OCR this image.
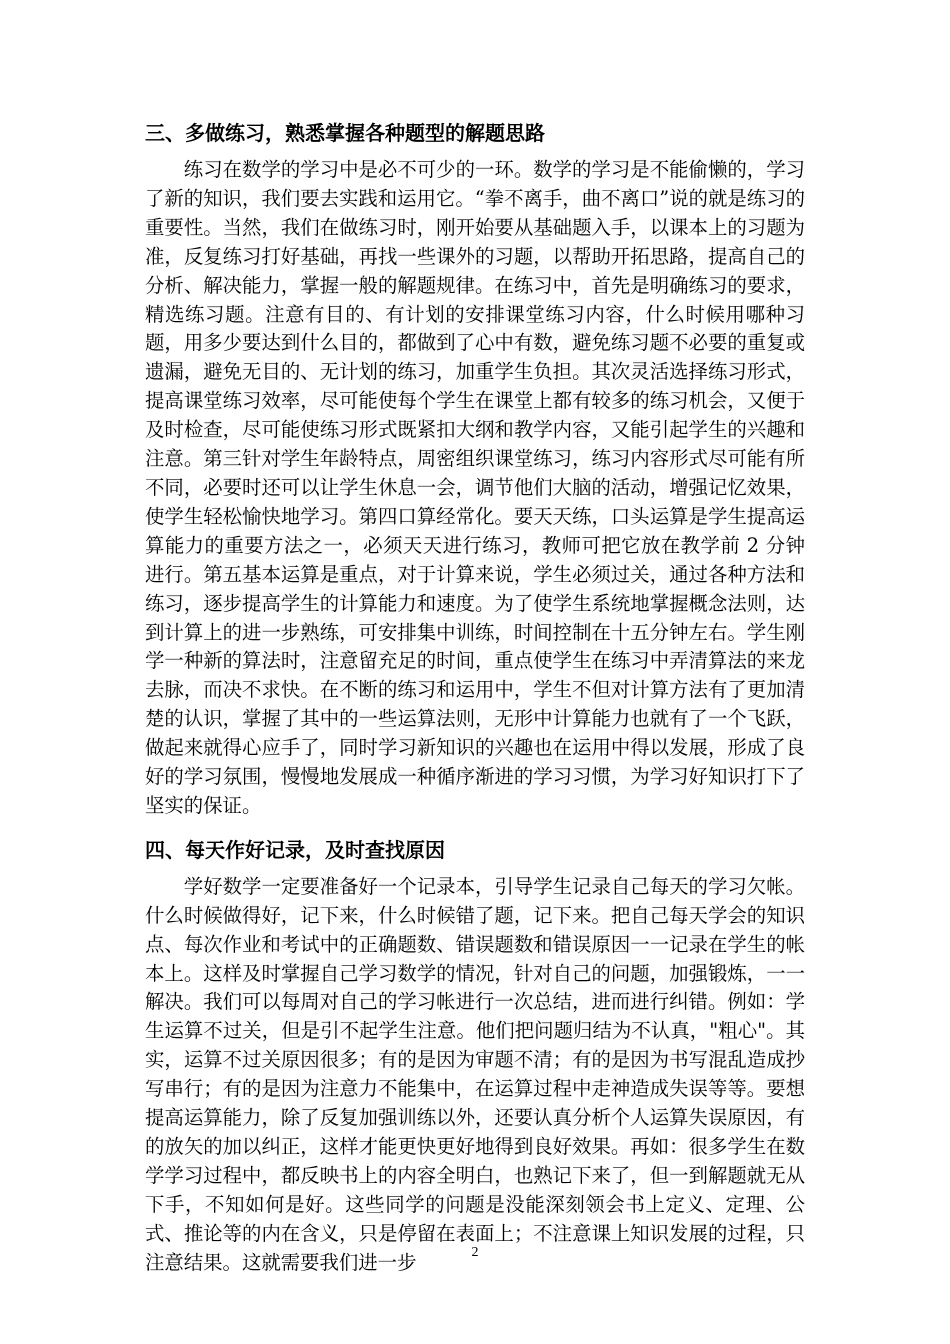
三、多做练习，熟悉掌握各种题型的解题思路

练习在数学的学习中是必不可少的一环。数学的学习是不能偷懒的，学习了新的知识，我们要去实践和运用它。“拳不离手，曲不离口”说的就是练习的重要性。当然，我们在做练习时，刚开始要从基础题入手，以课本上的习题为准，反复练习打好基础，再找一些课外的习题，以帮助开拓思路，提高自己的分析、解决能力，掌握一般的解题规律。在练习中，首先是明确练习的要求，精选练习题。注意有目的、有计划的安排课堂练习内容，什么时候用哪种习题，用多少要达到什么目的，都做到了心中有数，避免练习题不必要的重复或遗漏，避免无目的、无计划的练习，加重学生负担。其次灵活选择练习形式，提高课堂练习效率，尽可能使每个学生在课堂上都有较多的练习机会，又便于及时检查，尽可能使练习形式既紧扣大纲和教学内容，又能引起学生的兴趣和注意。第三针对学生年龄特点，周密组织课堂练习，练习内容形式尽可能有所不同，必要时还可以让学生休息一会，调节他们大脑的活动，增强记忆效果，使学生轻松愉快地学习。第四口算经常化。要天天练，口头运算是学生提高运算能力的重要方法之一，必须天天进行练习，教师可把它放在教学前 2 分钟进行。第五基本运算是重点，对于计算来说，学生必须过关，通过各种方法和练习，逐步提高学生的计算能力和速度。为了使学生系统地掌握概念法则，达到计算上的进一步熟练，可安排集中训练，时间控制在十五分钟左右。学生刚学一种新的算法时，注意留充足的时间，重点使学生在练习中弄清算法的来龙去脉，而决不求快。在不断的练习和运用中，学生不但对计算方法有了更加清楚的认识，掌握了其中的一些运算法则，无形中计算能力也就有了一个飞跃，做起来就得心应手了，同时学习新知识的兴趣也在运用中得以发展，形成了良好的学习氛围，慢慢地发展成一种循序渐进的学习习惯，为学习好知识打下了坚实的保证。

四、每天作好记录，及时查找原因

学好数学一定要准备好一个记录本，引导学生记录自己每天的学习欠帐。什么时候做得好，记下来，什么时候错了题，记下来。把自己每天学会的知识点、每次作业和考试中的正确题数、错误题数和错误原因一一记录在学生的帐本上。这样及时掌握自己学习数学的情况，针对自己的问题，加强锻炼，一一解决。我们可以每周对自己的学习帐进行一次总结，进而进行纠错。例如：学生运算不过关，但是引不起学生注意。他们把问题归结为不认真，"粗心"。其实，运算不过关原因很多；有的是因为审题不清；有的是因为书写混乱造成抄写串行；有的是因为注意力不能集中，在运算过程中走神造成失误等等。要想提高运算能力，除了反复加强训练以外，还要认真分析个人运算失误原因，有的放矢的加以纠正，这样才能更快更好地得到良好效果。再如：很多学生在数学学习过程中，都反映书上的内容全明白，也熟记下来了，但一到解题就无从下手，不知如何是好。这些同学的问题是没能深刻领会书上定义、定理、公式、推论等的内在含义，只是停留在表面上；不注意课上知识发展的过程，只注意结果。这就需要我们进一步	2
